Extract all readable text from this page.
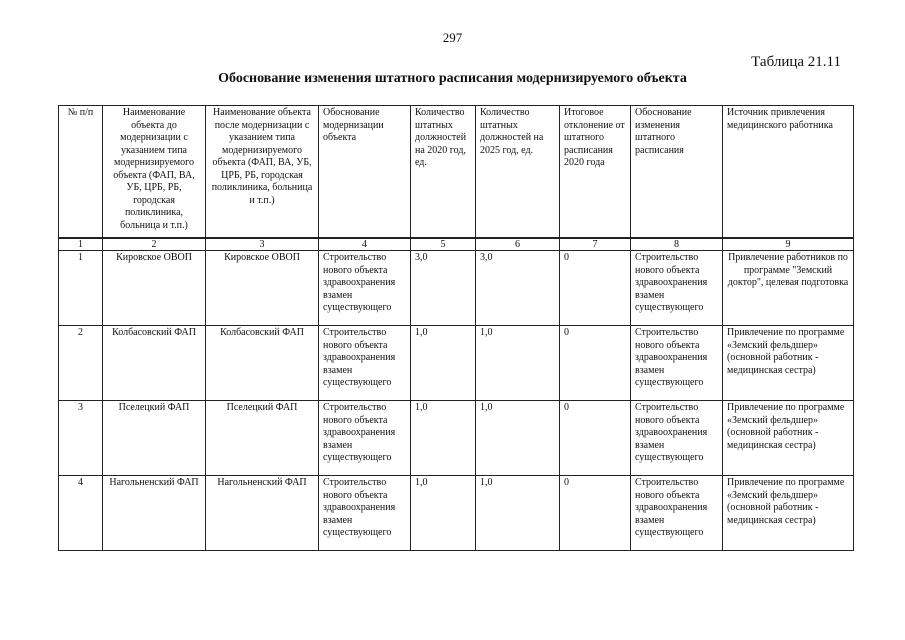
297
Таблица 21.11
Обоснование изменения штатного расписания модернизируемого объекта
№ п/п	Наименование объекта до модернизации с указанием типа модернизируемого объекта (ФАП, ВА, УБ, ЦРБ, РБ, городская поликлиника, больница и т.п.)	Наименование объекта после модернизации с указанием типа модернизируемого объекта (ФАП, ВА, УБ, ЦРБ, РБ, городская поликлиника, больница и т.п.)	Обоснование модернизации объекта	Количество штатных должностей на 2020 год, ед.	Количество штатных должностей на 2025 год, ед.	Итоговое отклонение от штатного расписания 2020 года	Обоснование изменения штатного расписания	Источник привлечения медицинского работника
1	2	3	4	5	6	7	8	9
1	Кировское ОВОП	Кировское ОВОП	Строительство нового объекта здравоохранения взамен существующего	3,0	3,0	0	Строительство нового объекта здравоохранения взамен существующего	Привлечение работников по программе "Земский доктор", целевая подготовка
2	Колбасовский ФАП	Колбасовский ФАП	Строительство нового объекта здравоохранения взамен существующего	1,0	1,0	0	Строительство нового объекта здравоохранения взамен существующего	Привлечение по программе «Земский фельдшер» (основной работник - медицинская сестра)
3	Пселецкий ФАП	Пселецкий ФАП	Строительство нового объекта здравоохранения взамен существующего	1,0	1,0	0	Строительство нового объекта здравоохранения взамен существующего	Привлечение по программе «Земский фельдшер» (основной работник - медицинская сестра)
4	Нагольненский ФАП	Нагольненский ФАП	Строительство нового объекта здравоохранения взамен существующего	1,0	1,0	0	Строительство нового объекта здравоохранения взамен существующего	Привлечение по программе «Земский фельдшер» (основной работник - медицинская сестра)
